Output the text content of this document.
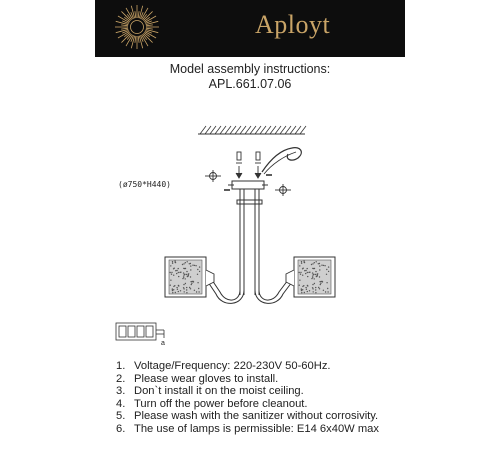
Aployt
Model assembly instructions:
APL.661.07.06
a
(ø750*H440)
1. Voltage/Frequency: 220-230V 50-60Hz.
2. Please wear gloves to install.
3. Don`t install it on the moist ceiling.
4. Turn off the power before cleanout.
5. Please wash with the sanitizer without corrosivity.
6. The use of lamps is permissible: E14 6x40W max
